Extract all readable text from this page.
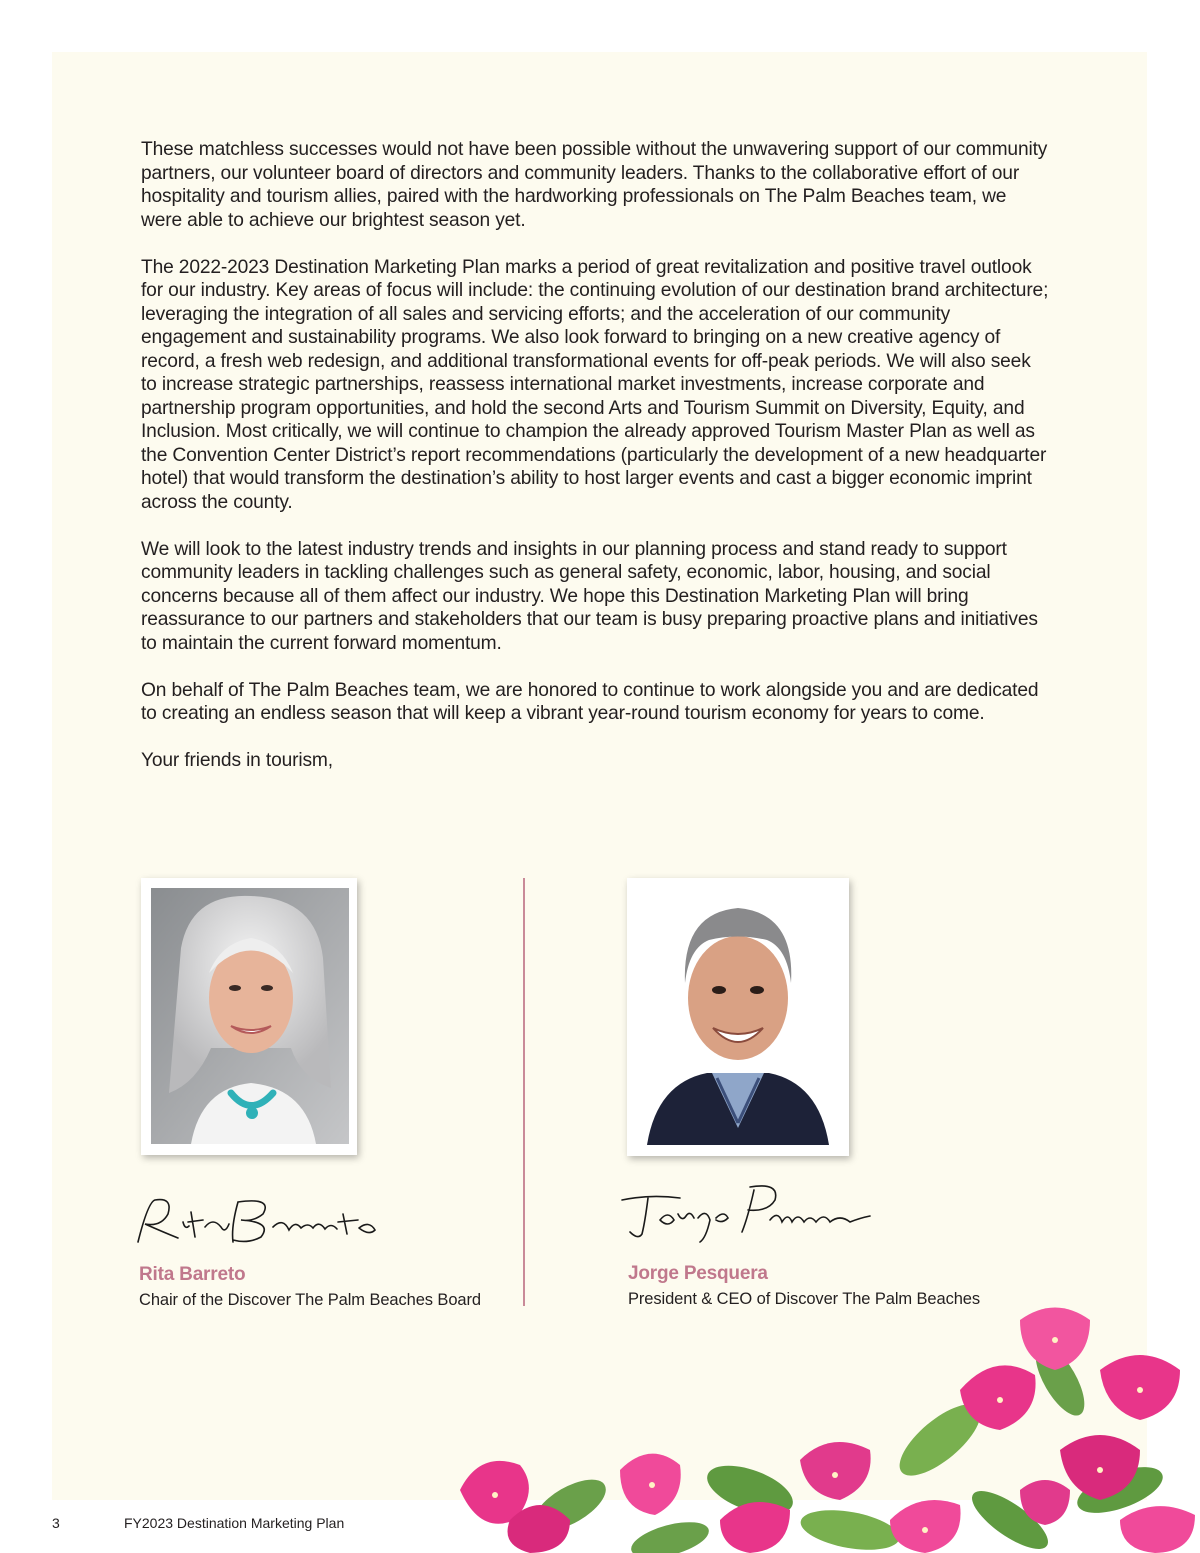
These matchless successes would not have been possible without the unwavering support of our community partners, our volunteer board of directors and community leaders. Thanks to the collaborative effort of our hospitality and tourism allies, paired with the hardworking professionals on The Palm Beaches team, we were able to achieve our brightest season yet.

The 2022-2023 Destination Marketing Plan marks a period of great revitalization and positive travel outlook for our industry. Key areas of focus will include: the continuing evolution of our destination brand architecture; leveraging the integration of all sales and servicing efforts; and the acceleration of our community engagement and sustainability programs. We also look forward to bringing on a new creative agency of record, a fresh web redesign, and additional transformational events for off-peak periods. We will also seek to increase strategic partnerships, reassess international market investments, increase corporate and partnership program opportunities, and hold the second Arts and Tourism Summit on Diversity, Equity, and Inclusion. Most critically, we will continue to champion the already approved Tourism Master Plan as well as the Convention Center District’s report recommendations (particularly the development of a new headquarter hotel) that would transform the destination’s ability to host larger events and cast a bigger economic imprint across the county.

We will look to the latest industry trends and insights in our planning process and stand ready to support community leaders in tackling challenges such as general safety, economic, labor, housing, and social concerns because all of them affect our industry. We hope this Destination Marketing Plan will bring reassurance to our partners and stakeholders that our team is busy preparing proactive plans and initiatives to maintain the current forward momentum.

On behalf of The Palm Beaches team, we are honored to continue to work alongside you and are dedicated to creating an endless season that will keep a vibrant year-round tourism economy for years to come.

Your friends in tourism,

Rita Barreto
Chair of the Discover The Palm Beaches Board
Jorge Pesquera
President & CEO of Discover The Palm Beaches
3	FY2023 Destination Marketing Plan
